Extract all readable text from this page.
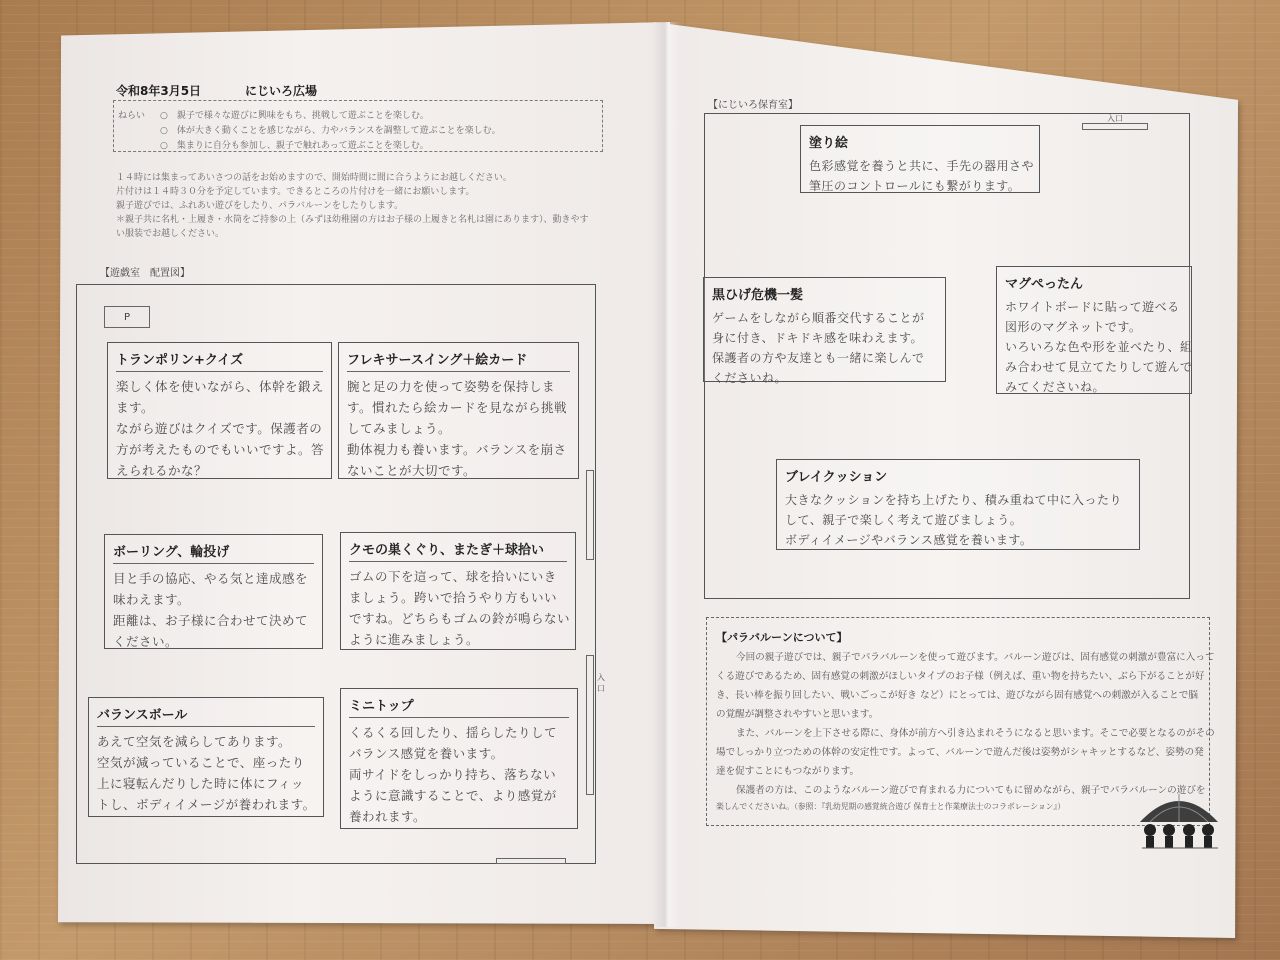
令和8年3月5日	にじいろ広場
ねらい ○　親子で様々な遊びに興味をもち、挑戦して遊ぶことを楽しむ。
○　体が大きく動くことを感じながら、力やバランスを調整して遊ぶことを楽しむ。
○　集まりに自分も参加し、親子で触れあって遊ぶことを楽しむ。
１４時には集まってあいさつの話をお始めますので、開始時間に間に合うようにお越しください。
片付けは１４時３０分を予定しています。できるところの片付けを一緒にお願いします。
親子遊びでは、ふれあい遊びをしたり、パラバルーンをしたりします。
＊親子共に名札・上履き・水筒をご持参の上（みずほ幼稚園の方はお子様の上履きと名札は園にあります）、動きやす
い服装でお越しください。
【遊戯室　配置図】
P
入口
トランポリン+クイズ
楽しく体を使いながら、体幹を鍛え
ます。
ながら遊びはクイズです。保護者の
方が考えたものでもいいですよ。答
えられるかな？
フレキサースイング＋絵カード
腕と足の力を使って姿勢を保持しま
す。慣れたら絵カードを見ながら挑戦
してみましょう。
動体視力も養います。バランスを崩さ
ないことが大切です。
ボーリング、輪投げ
目と手の協応、やる気と達成感を
味わえます。
距離は、お子様に合わせて決めて
ください。
クモの巣くぐり、またぎ＋球拾い
ゴムの下を這って、球を拾いにいき
ましょう。跨いで拾うやり方もいい
ですね。どちらもゴムの鈴が鳴らない
ように進みましょう。
バランスボール
あえて空気を減らしてあります。
空気が減っていることで、座ったり
上に寝転んだりした時に体にフィッ
トし、ボディイメージが養われます。
ミニトップ
くるくる回したり、揺らしたりして
バランス感覚を養います。
両サイドをしっかり持ち、落ちない
ように意識することで、より感覚が
養われます。
【にじいろ保育室】
入口
塗り絵
色彩感覚を養うと共に、手先の器用さや
筆圧のコントロールにも繋がります。
黒ひげ危機一髪
ゲームをしながら順番交代することが
身に付き、ドキドキ感を味わえます。
保護者の方や友達とも一緒に楽しんで
くださいね。
マグぺったん
ホワイトボードに貼って遊べる
図形のマグネットです。
いろいろな色や形を並べたり、組
み合わせて見立てたりして遊んで
みてくださいね。
ブレイクッション
大きなクッションを持ち上げたり、積み重ねて中に入ったり
して、親子で楽しく考えて遊びましょう。
ボディイメージやバランス感覚を養います。
【パラバルーンについて】
今回の親子遊びでは、親子でパラバルーンを使って遊びます。バルーン遊びは、固有感覚の刺激が豊富に入って
くる遊びであるため、固有感覚の刺激がほしいタイプのお子様（例えば、重い物を持ちたい、ぶら下がることが好
き、長い棒を振り回したい、戦いごっこが好き など）にとっては、遊びながら固有感覚への刺激が入ることで脳
の覚醒が調整されやすいと思います。
また、バルーンを上下させる際に、身体が前方へ引き込まれそうになると思います。そこで必要となるのがその
場でしっかり立つための体幹の安定性です。よって、バルーンで遊んだ後は姿勢がシャキッとするなど、姿勢の発
達を促すことにもつながります。
保護者の方は、このようなバルーン遊びで育まれる力についてもに留めながら、親子でパラバルーンの遊びを
楽しんでくださいね。（参照：『乳幼児期の感覚統合遊び 保育士と作業療法士のコラボレーション』）
